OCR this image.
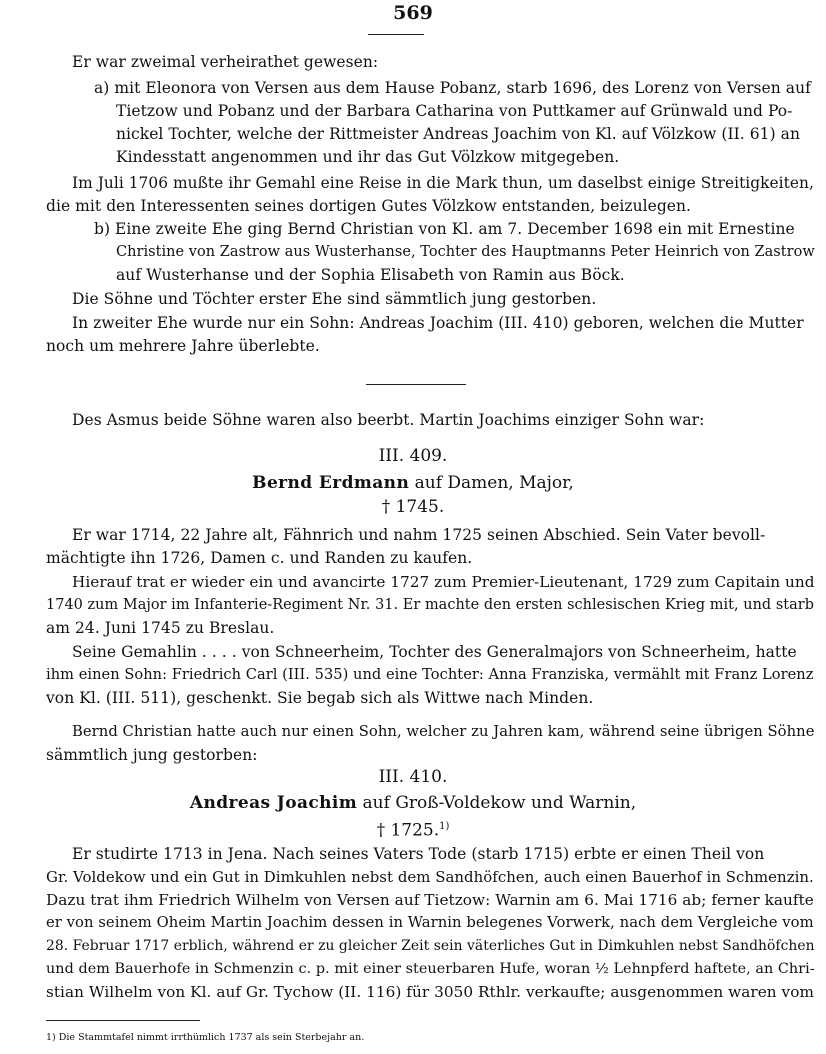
569
Er war zweimal verheirathet gewesen:
a) mit Eleonora von Versen aus dem Hause Pobanz, starb 1696, des Lorenz von Versen auf
Tietzow und Pobanz und der Barbara Catharina von Puttkamer auf Grünwald und Po-
nickel Tochter, welche der Rittmeister Andreas Joachim von Kl. auf Völzkow (II. 61) an
Kindesstatt angenommen und ihr das Gut Völzkow mitgegeben.
Im Juli 1706 mußte ihr Gemahl eine Reise in die Mark thun, um daselbst einige Streitigkeiten,
die mit den Interessenten seines dortigen Gutes Völzkow entstanden, beizulegen.
b) Eine zweite Ehe ging Bernd Christian von Kl. am 7. December 1698 ein mit Ernestine
Christine von Zastrow aus Wusterhanse, Tochter des Hauptmanns Peter Heinrich von Zastrow
auf Wusterhanse und der Sophia Elisabeth von Ramin aus Böck.
Die Söhne und Töchter erster Ehe sind sämmtlich jung gestorben.
In zweiter Ehe wurde nur ein Sohn: Andreas Joachim (III. 410) geboren, welchen die Mutter
noch um mehrere Jahre überlebte.
Des Asmus beide Söhne waren also beerbt. Martin Joachims einziger Sohn war:
III. 409.
Bernd Erdmann auf Damen, Major,
† 1745.
Er war 1714, 22 Jahre alt, Fähnrich und nahm 1725 seinen Abschied. Sein Vater bevoll-
mächtigte ihn 1726, Damen c. und Randen zu kaufen.
Hierauf trat er wieder ein und avancirte 1727 zum Premier-Lieutenant, 1729 zum Capitain und
1740 zum Major im Infanterie-Regiment Nr. 31. Er machte den ersten schlesischen Krieg mit, und starb
am 24. Juni 1745 zu Breslau.
Seine Gemahlin . . . . von Schneerheim, Tochter des Generalmajors von Schneerheim, hatte
ihm einen Sohn: Friedrich Carl (III. 535) und eine Tochter: Anna Franziska, vermählt mit Franz Lorenz
von Kl. (III. 511), geschenkt. Sie begab sich als Wittwe nach Minden.
Bernd Christian hatte auch nur einen Sohn, welcher zu Jahren kam, während seine übrigen Söhne
sämmtlich jung gestorben:
III. 410.
Andreas Joachim auf Groß-Voldekow und Warnin,
† 1725.$^{1)}$
Er studirte 1713 in Jena. Nach seines Vaters Tode (starb 1715) erbte er einen Theil von
Gr. Voldekow und ein Gut in Dimkuhlen nebst dem Sandhöfchen, auch einen Bauerhof in Schmenzin.
Dazu trat ihm Friedrich Wilhelm von Versen auf Tietzow: Warnin am 6. Mai 1716 ab; ferner kaufte
er von seinem Oheim Martin Joachim dessen in Warnin belegenes Vorwerk, nach dem Vergleiche vom
28. Februar 1717 erblich, während er zu gleicher Zeit sein väterliches Gut in Dimkuhlen nebst Sandhöfchen
und dem Bauerhofe in Schmenzin c. p. mit einer steuerbaren Hufe, woran ½ Lehnpferd haftete, an Chri-
stian Wilhelm von Kl. auf Gr. Tychow (II. 116) für 3050 Rthlr. verkaufte; ausgenommen waren vom
1) Die Stammtafel nimmt irrthümlich 1737 als sein Sterbejahr an.
